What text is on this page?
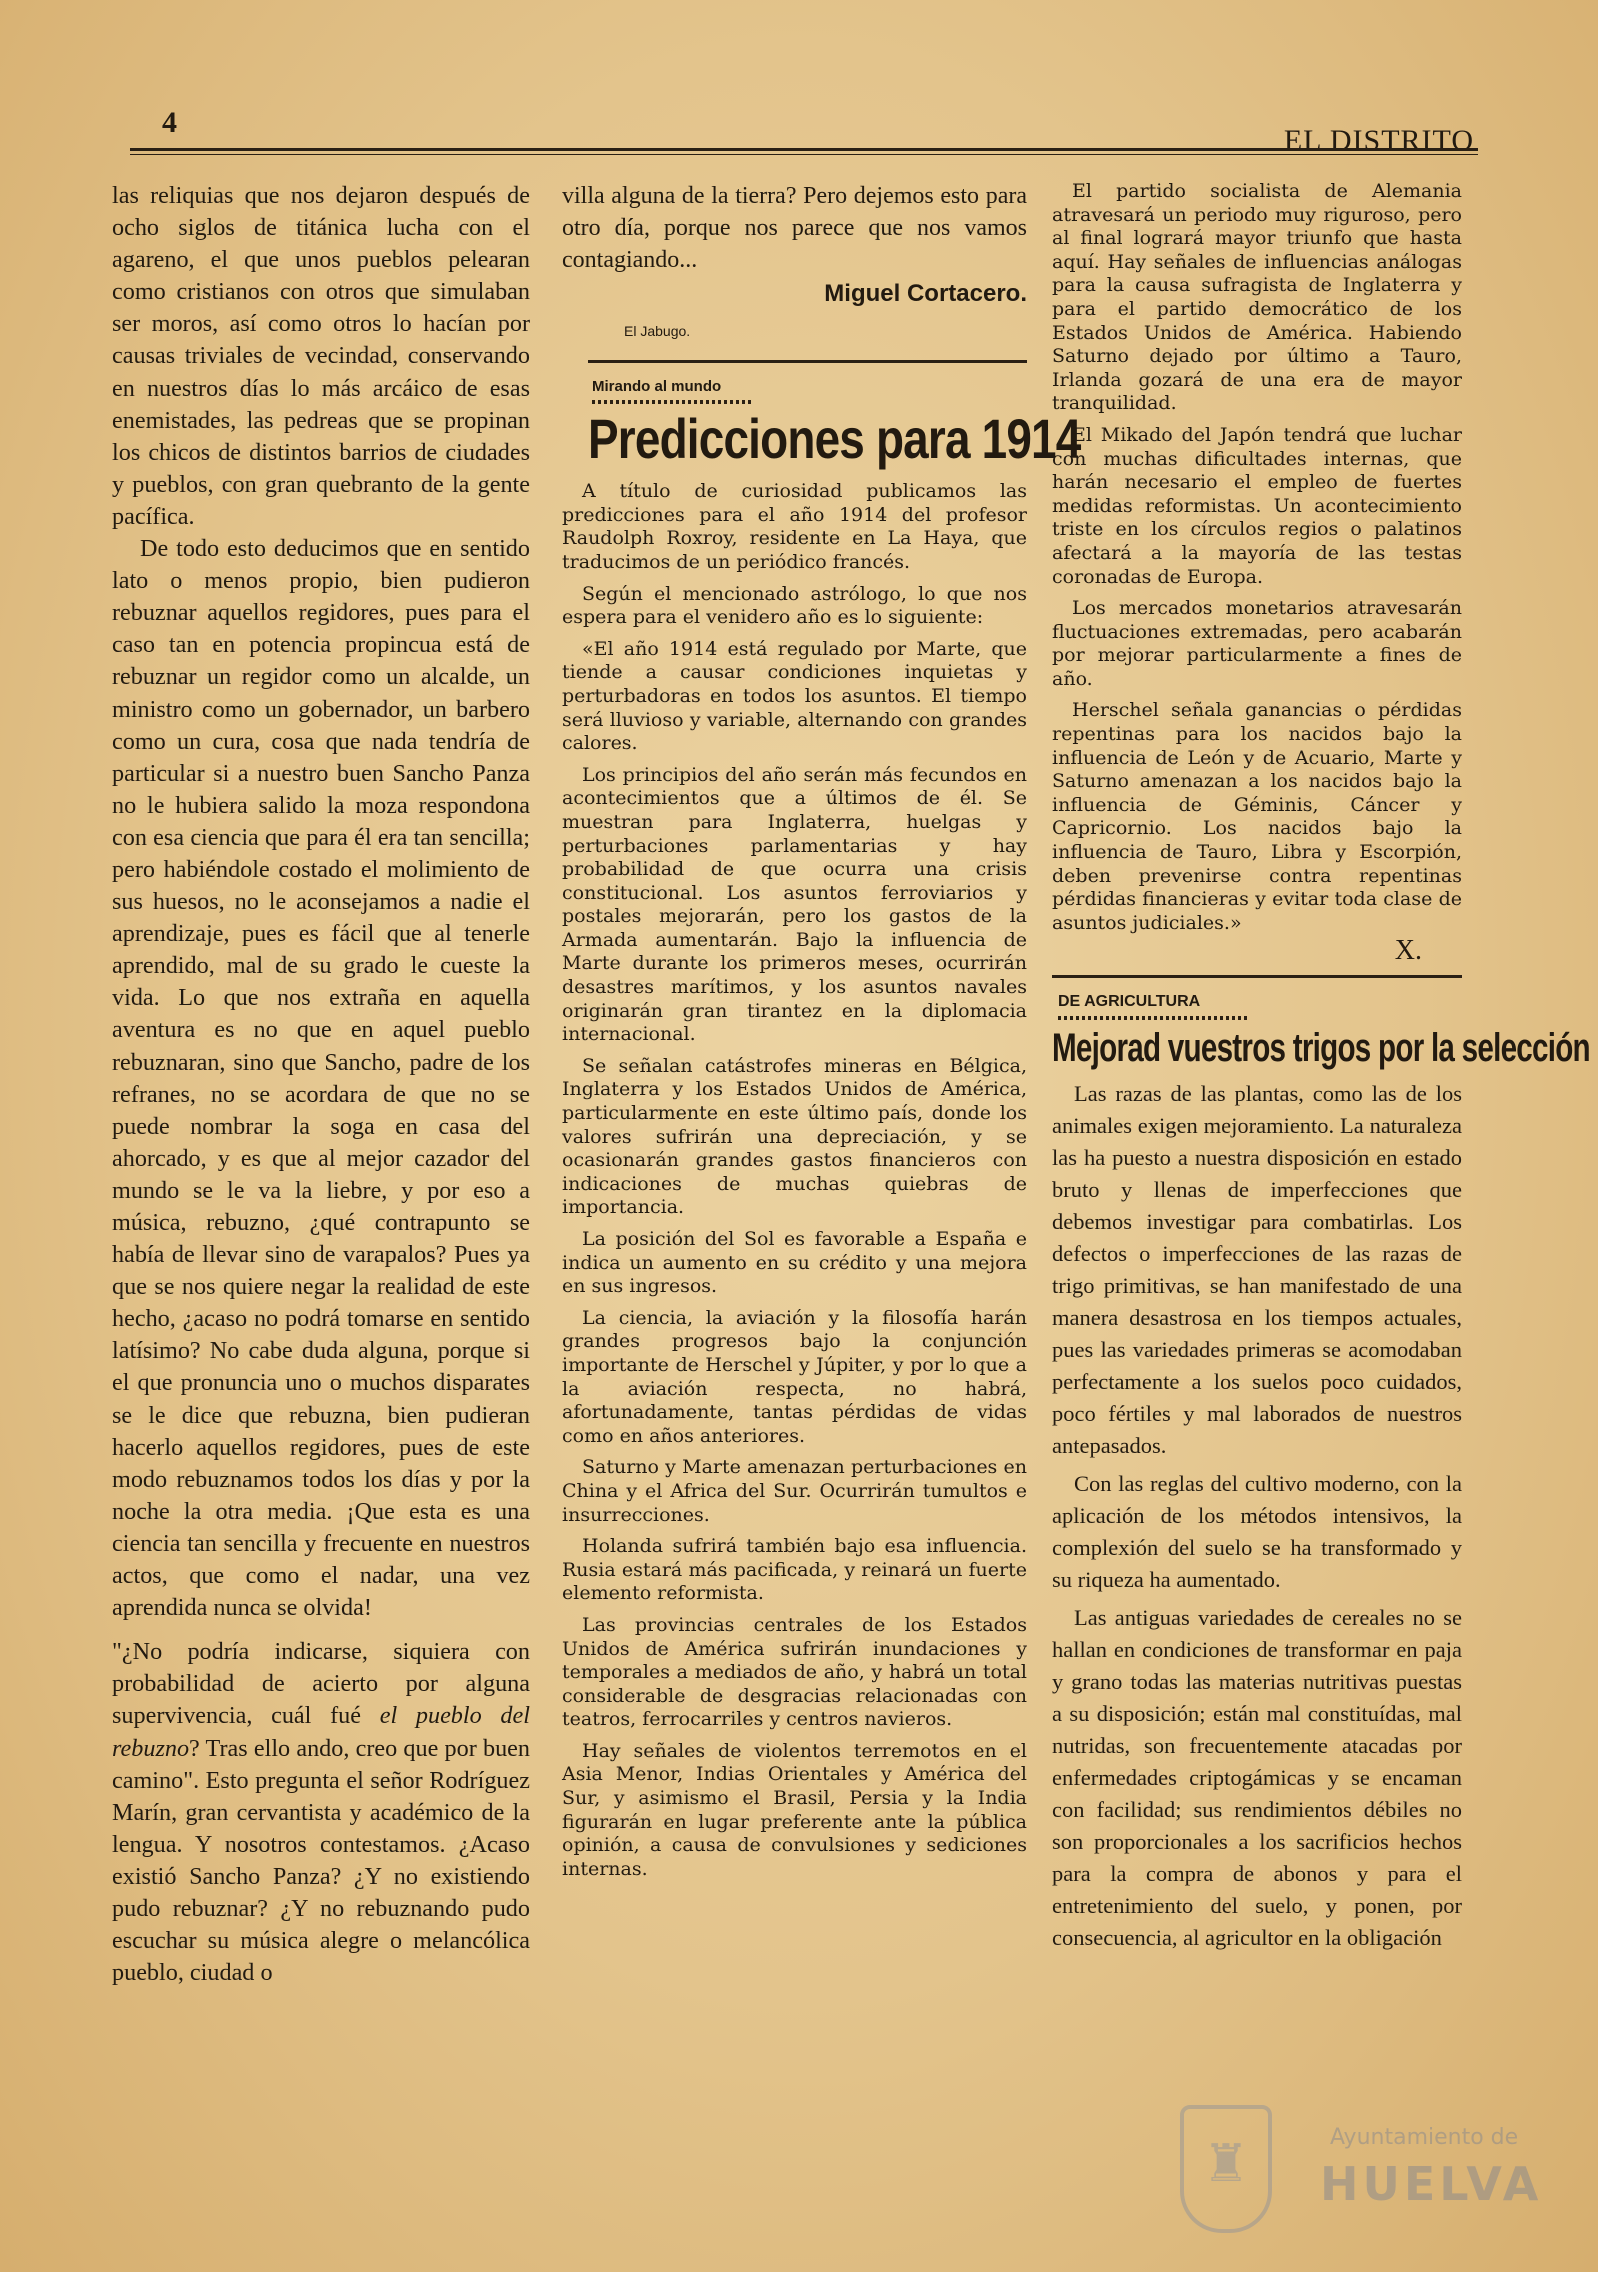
4
EL DISTRITO

las reliquias que nos dejaron después de ocho siglos de titánica lucha con el agareno, el que unos pueblos pelearan como cristianos con otros que simulaban ser moros, así como otros lo hacían por causas triviales de vecindad, conservando en nuestros días lo más arcáico de esas enemistades, las pedreas que se propinan los chicos de distintos barrios de ciudades y pueblos, con gran quebranto de la gente pacífica.

De todo esto deducimos que en sentido lato o menos propio, bien pudieron rebuznar aquellos regidores, pues para el caso tan en potencia propincua está de rebuznar un regidor como un alcalde, un ministro como un gobernador, un barbero como un cura, cosa que nada tendría de particular si a nuestro buen Sancho Panza no le hubiera salido la moza respondona con esa ciencia que para él era tan sencilla; pero habiéndole costado el molimiento de sus huesos, no le aconsejamos a nadie el aprendizaje, pues es fácil que al tenerle aprendido, mal de su grado le cueste la vida. Lo que nos extraña en aquella aventura es no que en aquel pueblo rebuznaran, sino que Sancho, padre de los refranes, no se acordara de que no se puede nombrar la soga en casa del ahorcado, y es que al mejor cazador del mundo se le va la liebre, y por eso a música, rebuzno, ¿qué contrapunto se había de llevar sino de varapalos? Pues ya que se nos quiere negar la realidad de este hecho, ¿acaso no podrá tomarse en sentido latísimo? No cabe duda alguna, porque si el que pronuncia uno o muchos disparates se le dice que rebuzna, bien pudieran hacerlo aquellos regidores, pues de este modo rebuznamos todos los días y por la noche la otra media. ¡Que esta es una ciencia tan sencilla y frecuente en nuestros actos, que como el nadar, una vez aprendida nunca se olvida!

"¿No podría indicarse, siquiera con probabilidad de acierto por alguna supervivencia, cuál fué el pueblo del rebuzno? Tras ello ando, creo que por buen camino". Esto pregunta el señor Rodríguez Marín, gran cervantista y académico de la lengua. Y nosotros contestamos. ¿Acaso existió Sancho Panza? ¿Y no existiendo pudo rebuznar? ¿Y no rebuznando pudo escuchar su música alegre o melancólica pueblo, ciudad o

villa alguna de la tierra? Pero dejemos esto para otro día, porque nos parece que nos vamos contagiando...

Miguel Cortacero.
El Jabugo.
Mirando al mundo
Predicciones para 1914

A título de curiosidad publicamos las predicciones para el año 1914 del profesor Raudolph Roxroy, residente en La Haya, que traducimos de un periódico francés.

Según el mencionado astrólogo, lo que nos espera para el venidero año es lo siguiente:

«El año 1914 está regulado por Marte, que tiende a causar condiciones inquietas y perturbadoras en todos los asuntos. El tiempo será lluvioso y variable, alternando con grandes calores.

Los principios del año serán más fecundos en acontecimientos que a últimos de él. Se muestran para Inglaterra, huelgas y perturbaciones parlamentarias y hay probabilidad de que ocurra una crisis constitucional. Los asuntos ferroviarios y postales mejorarán, pero los gastos de la Armada aumentarán. Bajo la influencia de Marte durante los primeros meses, ocurrirán desastres marítimos, y los asuntos navales originarán gran tirantez en la diplomacia internacional.

Se señalan catástrofes mineras en Bélgica, Inglaterra y los Estados Unidos de América, particularmente en este último país, donde los valores sufrirán una depreciación, y se ocasionarán grandes gastos financieros con indicaciones de muchas quiebras de importancia.

La posición del Sol es favorable a España e indica un aumento en su crédito y una mejora en sus ingresos.

La ciencia, la aviación y la filosofía harán grandes progresos bajo la conjunción importante de Herschel y Júpiter, y por lo que a la aviación respecta, no habrá, afortunadamente, tantas pérdidas de vidas como en años anteriores.

Saturno y Marte amenazan perturbaciones en China y el Africa del Sur. Ocurrirán tumultos e insurrecciones.

Holanda sufrirá también bajo esa influencia. Rusia estará más pacificada, y reinará un fuerte elemento reformista.

Las provincias centrales de los Estados Unidos de América sufrirán inundaciones y temporales a mediados de año, y habrá un total considerable de desgracias relacionadas con teatros, ferrocarriles y centros navieros.

Hay señales de violentos terremotos en el Asia Menor, Indias Orientales y América del Sur, y asimismo el Brasil, Persia y la India figurarán en lugar preferente ante la pública opinión, a causa de convulsiones y sediciones internas.

El partido socialista de Alemania atravesará un periodo muy riguroso, pero al final logrará mayor triunfo que hasta aquí. Hay señales de influencias análogas para la causa sufragista de Inglaterra y para el partido democrático de los Estados Unidos de América. Habiendo Saturno dejado por último a Tauro, Irlanda gozará de una era de mayor tranquilidad.

El Mikado del Japón tendrá que luchar con muchas dificultades internas, que harán necesario el empleo de fuertes medidas reformistas. Un acontecimiento triste en los círculos regios o palatinos afectará a la mayoría de las testas coronadas de Europa.

Los mercados monetarios atravesarán fluctuaciones extremadas, pero acabarán por mejorar particularmente a fines de año.

Herschel señala ganancias o pérdidas repentinas para los nacidos bajo la influencia de León y de Acuario, Marte y Saturno amenazan a los nacidos bajo la influencia de Géminis, Cáncer y Capricornio. Los nacidos bajo la influencia de Tauro, Libra y Escorpión, deben prevenirse contra repentinas pérdidas financieras y evitar toda clase de asuntos judiciales.»

X.
DE AGRICULTURA
Mejorad vuestros trigos por la selección

Las razas de las plantas, como las de los animales exigen mejoramiento. La naturaleza las ha puesto a nuestra disposición en estado bruto y llenas de imperfecciones que debemos investigar para combatirlas. Los defectos o imperfecciones de las razas de trigo primitivas, se han manifestado de una manera desastrosa en los tiempos actuales, pues las variedades primeras se acomodaban perfectamente a los suelos poco cuidados, poco fértiles y mal laborados de nuestros antepasados.

Con las reglas del cultivo moderno, con la aplicación de los métodos intensivos, la complexión del suelo se ha transformado y su riqueza ha aumentado.

Las antiguas variedades de cereales no se hallan en condiciones de transformar en paja y grano todas las materias nutritivas puestas a su disposición; están mal constituídas, mal nutridas, son frecuentemente atacadas por enfermedades criptogámicas y se encaman con facilidad; sus rendimientos débiles no son proporcionales a los sacrificios hechos para la compra de abonos y para el entretenimiento del suelo, y ponen, por consecuencia, al agricultor en la obligación

♜	Ayuntamiento de
HUELVA
